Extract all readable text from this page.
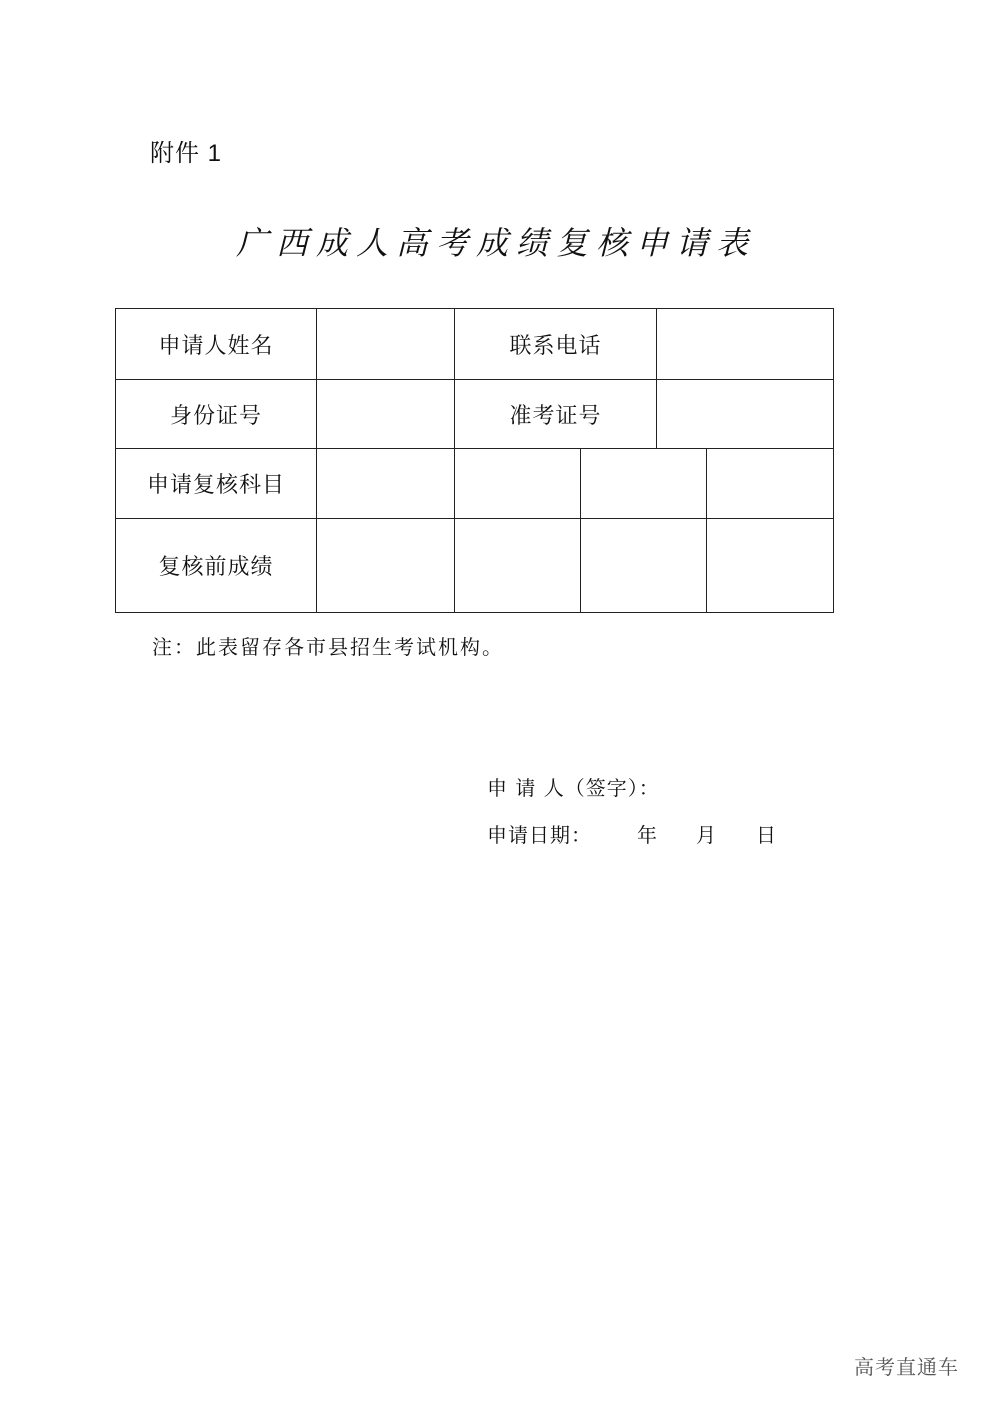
附件 1
广西成人高考成绩复核申请表
申请人姓名		联系电话			
身份证号		准考证号			
申请复核科目					
复核前成绩					
注：此表留存各市县招生考试机构。
申 请 人（签字）：

申请日期：

年

月

日

高考直通车
